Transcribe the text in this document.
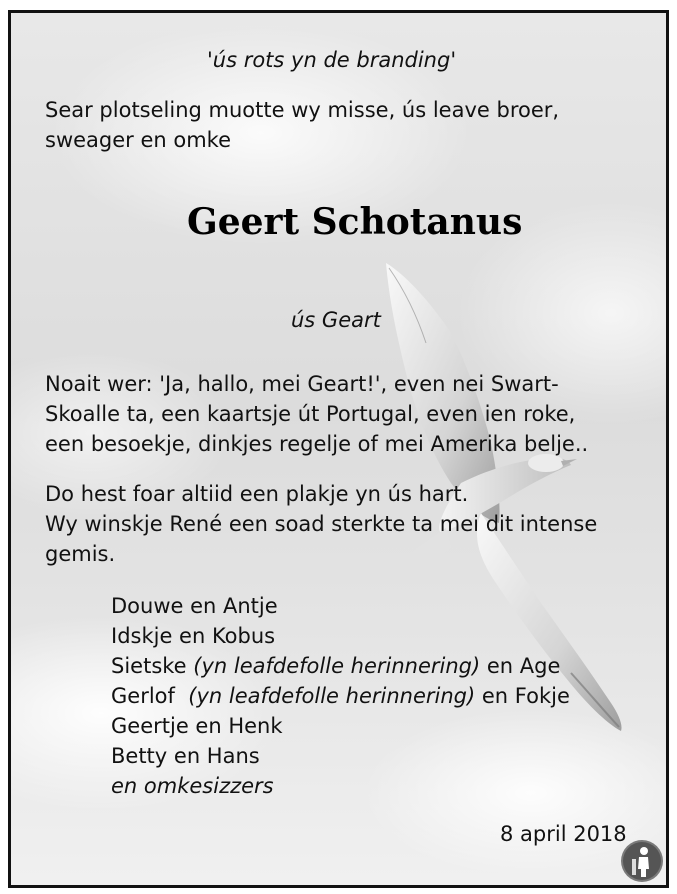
'ús rots yn de branding'
Sear plotseling muotte wy misse, ús leave broer,
sweager en omke
Geert Schotanus
ús Geart
Noait wer: 'Ja, hallo, mei Geart!', even nei Swart-
Skoalle ta, een kaartsje út Portugal, even ien roke,
een besoekje, dinkjes regelje of mei Amerika belje..
Do hest foar altiid een plakje yn ús hart.
Wy winskje René een soad sterkte ta mei dit intense
gemis.
Douwe en Antje
Idskje en Kobus
Sietske (yn leafdefolle herinnering) en Age
Gerlof  (yn leafdefolle herinnering) en Fokje
Geertje en Henk
Betty en Hans
en omkesizzers
8 april 2018
